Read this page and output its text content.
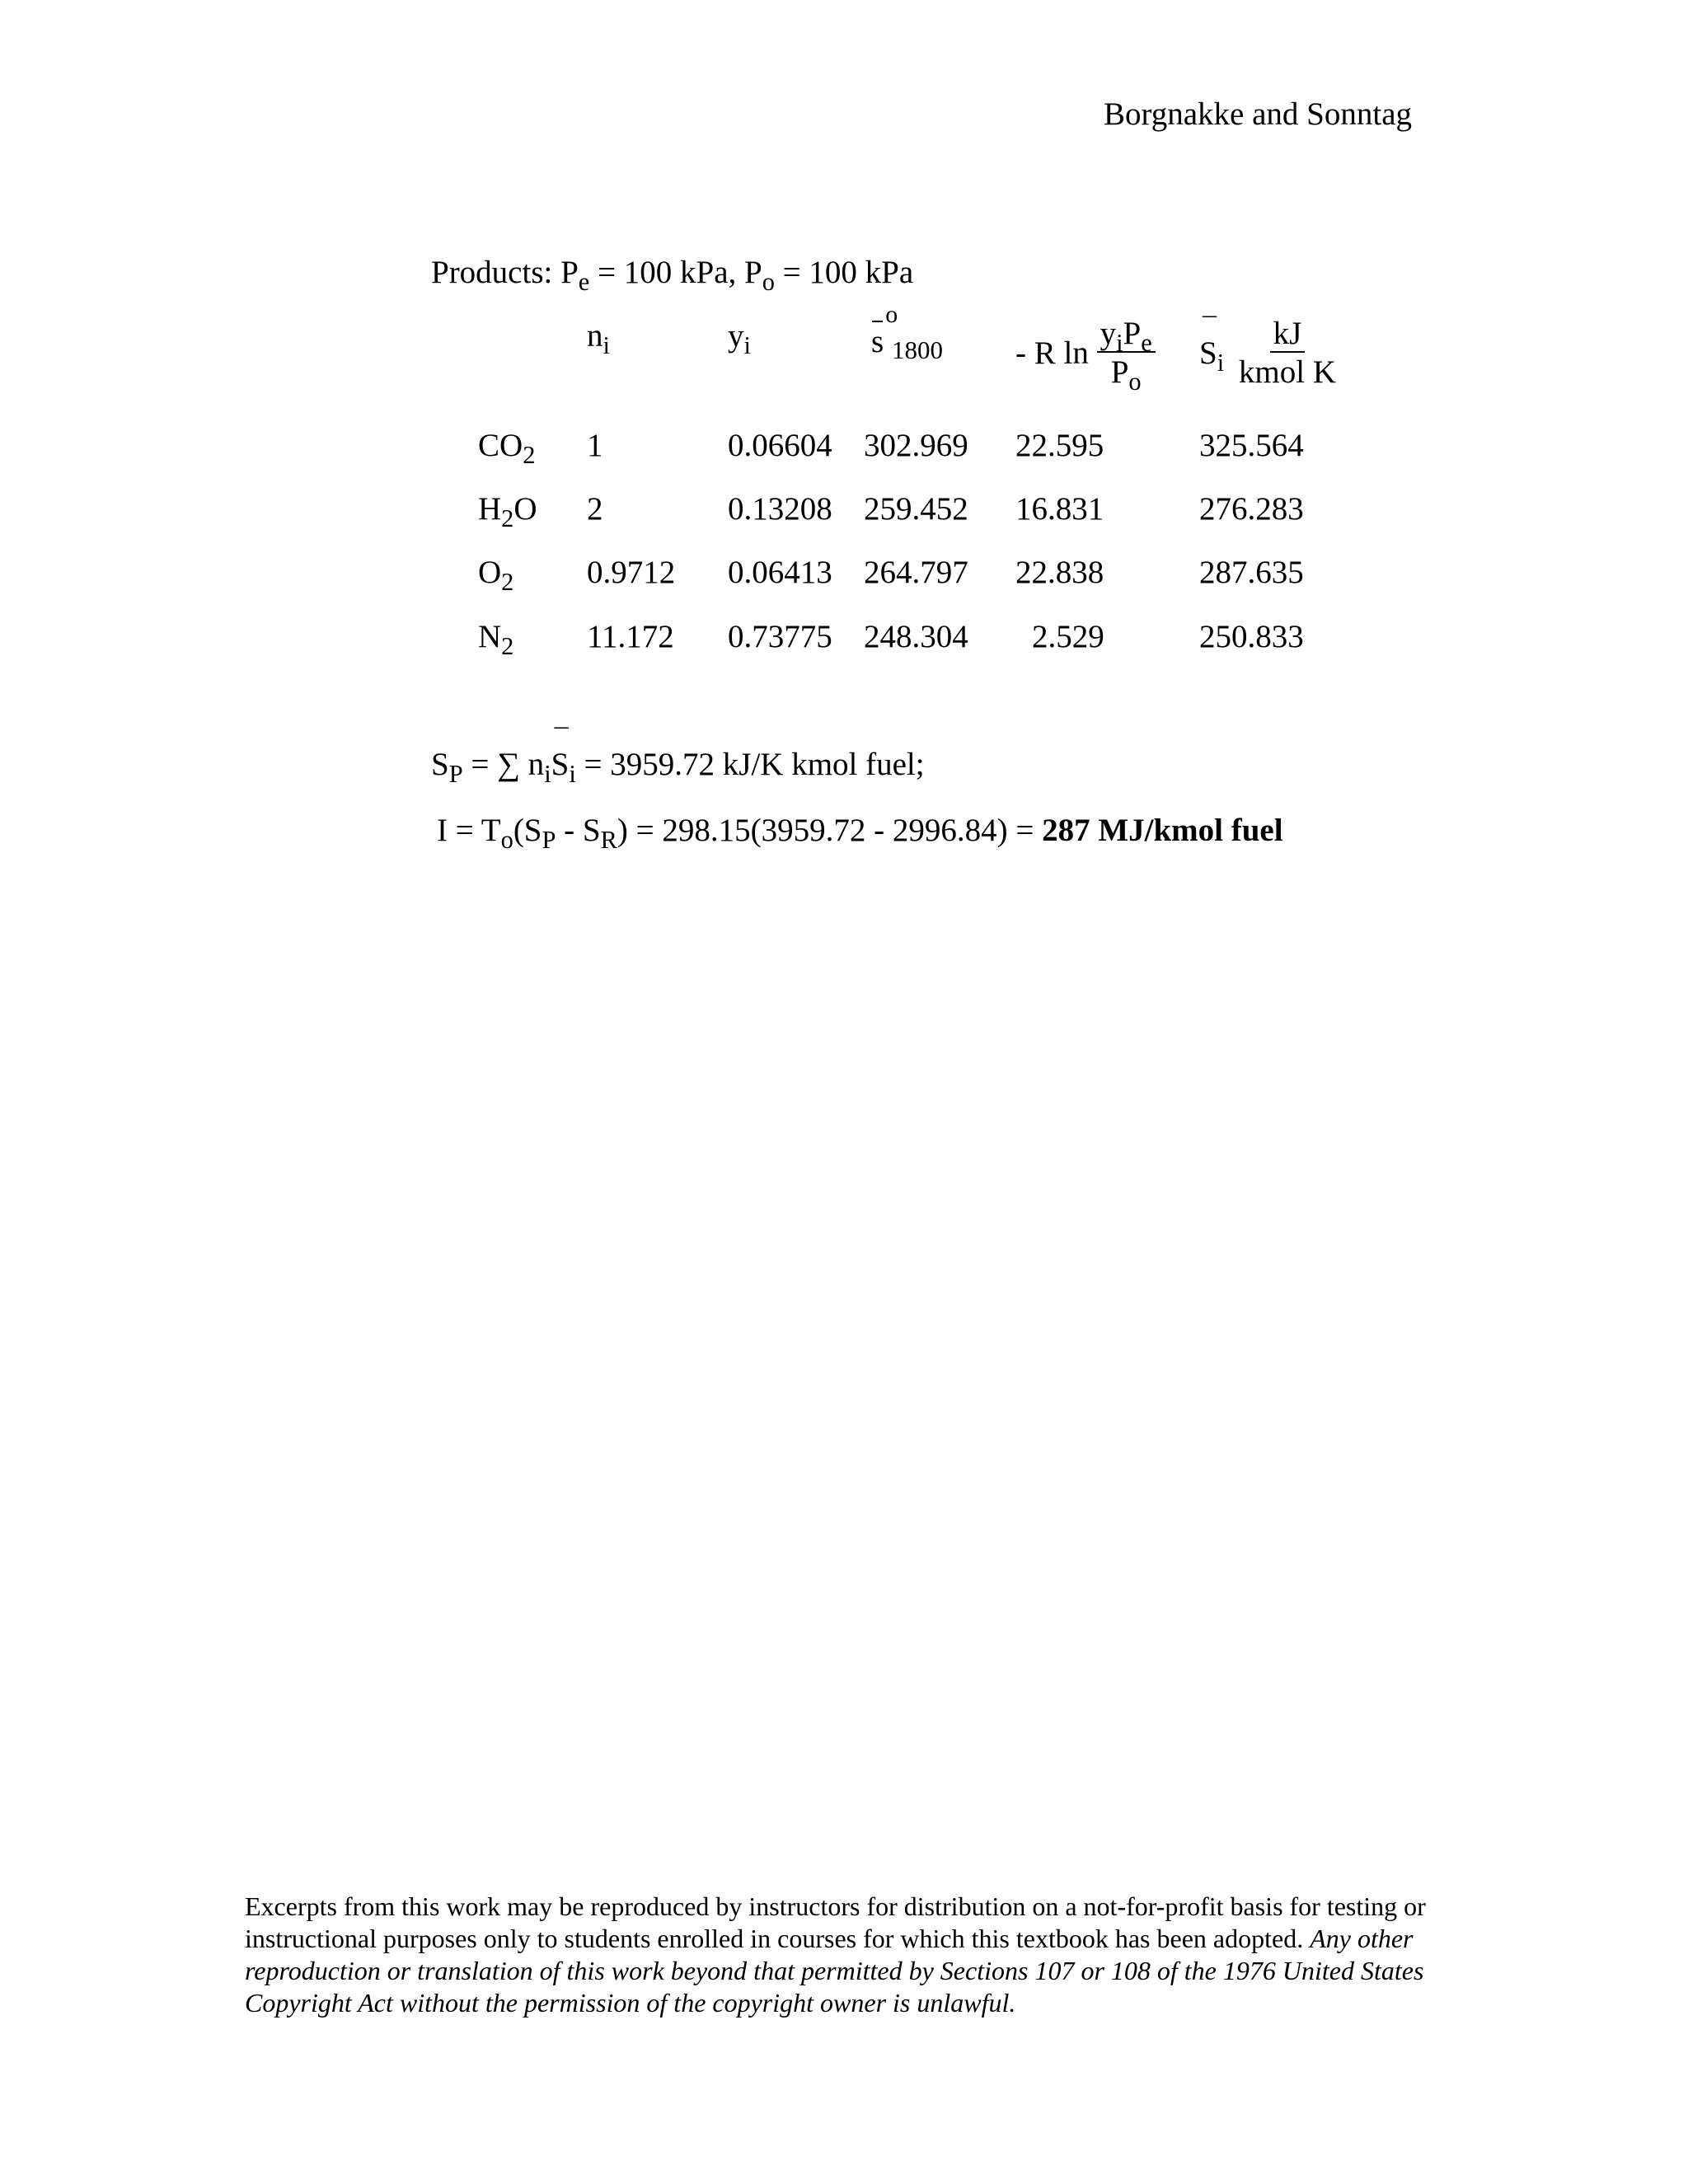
Borgnakke and Sonntag
Products: $P_e = 100$ kPa, $P_o = 100$ kPa
$n_i$	$y_i$	s
o
$_{1800}$ - R $\ln \frac{y_iP_e}{P_o}$
¯ $S_i \frac{kJ}{\text{kmol K}}$
$CO_2$ 1	0.06604 302.969 22.595	325.564
$H_2O$ 2	0.13208 259.452 16.831	276.283
$O_2$ 0.9712 0.06413 264.797 22.838	287.635
$N_2$ 11.172 0.73775 248.304 2.529	250.833
$S_P$ = ∑ $n_i¯$ $S_i = 3959.72$ kJ/K kmol fuel;
$I = T_o(S_P - S_R) = 298.15(3959.72 - 2996.84) = 287$ MJ/kmol fuel
Excerpts from this work may be reproduced by instructors for distribution on a not-for-profit basis for testing or instructional purposes only to students enrolled in courses for which this textbook has been adopted. Any other reproduction or translation of this work beyond that permitted by Sections 107 or 108 of the 1976 United States Copyright Act without the permission of the copyright owner is unlawful.
